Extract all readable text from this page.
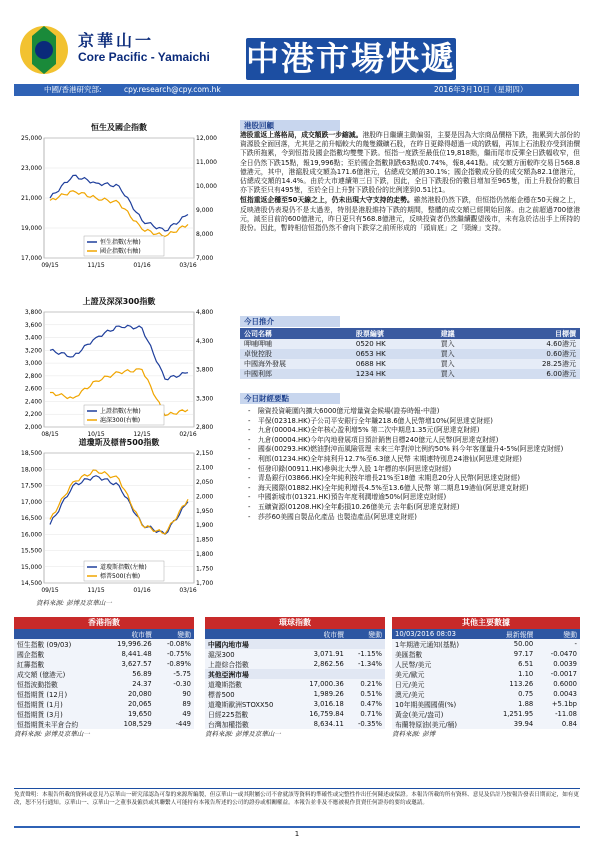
京華山一
Core Pacific - Yamaichi 中港市場快遞
中國/香港研究部:	cpy.research@cpy.com.hk	2016年3月10日（星期四）
恒生及國企指數
25,000
23,000
21,000
19,000
17,000
12,000
11,000
10,000
9,000
8,000
7,000
09/15	11/15	01/16	03/16
恒生指數(左軸)
國企指數(右軸)
上證及深深300指數
3,800
3,600
3,400
3,200
3,000
2,800
2,600
2,400
2,200
2,000
4,800
4,300
3,800
3,300
2,800
08/15	10/15	12/15	02/16
上證指數(左軸)
滬深300(右軸)
道瓊斯及標普500指數
18,500
18,000
17,500
17,000
16,500
16,000
15,500
15,000
14,500
2,150
2,100
2,050
2,000
1,950
1,900
1,850
1,800
1,750
1,700
09/15	11/15	01/16	03/16
道瓊斯指數(左軸)
標普500(右軸)
資料來源: 彭博及京華山一
港股回顧

港股重返上落格局，成交額跌一步縮減。港股昨日繼續主動偏弱，主要是因為大宗商品價格下跌，拖累到大部份的資源股全面回落，尤其是之前升幅較大的幾隻鐵礦石股，在昨日更錄得超過一成的跌幅，再加上石油股亦受到油價下跌所拖累，令到恒指及國企指數均雙雙下跌。恒指一度跌至最低位19,818點，繼而尾市反彈全日跌幅收窄，但全日仍然下跌15點，報19,996點；至於國企指數則跌63點或0.74%，報8,441點。成交額方面較昨交易日568.8億港元，其中，港滬股成交額為171.6億港元，佔總成交額的30.1%；國企指數成分股的成交額為82.1億港元，佔總成交額的14.4%。由於大市連續第三日下跌，因此，全日下跌股份的數目增加至965隻，而上升股份的數目亦下跌至只有495隻，至於全日上升對下跌股份的比例達到0.51比1。

恒指重返企穩至50天線之上，仍未出現大守支持的走勢。雖然港股仍然下跌，但恒指仍然能企穩在50天線之上，反映港股仍表現仍不是太過差，特別是港股維持下跌的期間，整體的成交額已經開始回落。由之前超過700億港元，減至目前的600億港元，昨日更只有568.8億港元，反映投資者仍然繼續觀望後市，未有急於沽出手上所持的股份。因此，暫時相信恒指仍然不會向下跌穿之前所形成的「頭肩底」之「頸線」支持。

今日推介
公司名稱	股票編號	建議	目標價
呷哺呷哺	0520 HK	買入	4.60港元
卓悅控股	0653 HK	買入	0.60港元
中國海外發展	0688 HK	買入	28.25港元
中國利郎	1234 HK	買入	6.00港元
今日財經要點
- 險資投資範圍內擴大6000億元增量資金候場(證券時報-中證)
- 平保(02318.HK)子公司平安銀行全年賺218.6億人民幣增10%(阿思達克財經)
- 九倉(00004.HK)全年核心盈利增5% 第二次中期息1.35元(阿思達克財經)
- 九倉(00004.HK)今年內地發展項目預計銷售目標240億元人民幣(阿思達克財經)
- 國泰(00293.HK)燃油對沖而風險管理 未來三年對沖比例約50% 料今年客運量升4-5%(阿思達克財經)
- 利郎(01234.HK)全年純利升12.7%至6.3億人民幣 末期連特別息24港仙(阿思達克財經)
- 恒發印錄(00911.HK)參與北大學入股 1年標的率(阿思達克財經)
- 青島銀行(03866.HK)全年純利按年增長21%至18億 末期息20分人民幣(阿思達克財經)
- 海天國際(01882.HK)全年純利增長4.5%至13.6億人民幣 第二期息19港仙(阿思達克財經)
- 中國新城市(01321.HK)預告年度利潤增逾50%(阿思達克財經)
- 五礦資源(01208.HK)全年虧損10.26億美元 去年虧(阿思達克財經)
- 莎莎60美國自製品化產品 也製造產品(阿思達克財經)
香港指數
	收市價	變動
恒生指數 (09/03)	19,996.26	-0.08%
國企指數	8,441.48	-0.75%
紅籌指數	3,627.57	-0.89%
成交額 (億港元)	56.89	-5.75
恒指波動指數	24.37	-0.30
恒指期貨 (12月)	20,080	90
恒指期貨 (1月)	20,065	89
恒指期貨 (3月)	19,650	49
恒指期貨未平倉合約	108,529	-449
資料來源: 彭博及京華山一
環球指數
	收市價	變動
中國內地市場		
滬深300	3,071.91	-1.15%
上證綜合指數	2,862.56	-1.34%
其他亞洲市場		
道瓊斯指數	17,000.36	0.21%
標普500	1,989.26	0.51%
道瓊斯歐洲STOXX50	3,016.18	0.47%
日經225指數	16,759.84	0.71%
台灣加權指數	8,634.11	-0.35%
資料來源: 彭博及京華山一
其他主要數據
10/03/2016 08:03	最新報價	變動
1年期港元通知(基點)	50.00	-
美匯指數	97.17	-0.0470
人民幣/美元	6.51	0.0039
美元/歐元	1.10	-0.0017
日元/美元	113.26	0.6000
澳元/美元	0.75	0.0043
10年期美國國債(%)	1.88	+5.1bp
黃金(美元/盎司)	1,251.95	-11.08
布蘭特原油(美元/桶)	39.94	0.84
資料來源: 彭博
免責聲明：本報告所載的資料或意見乃京華山一研究部認為可靠的來源所編製，但京華山一或其附屬公司不會就該等資料的準確性或完整性作出任何陳述或保證。本報告所載的所有資料、意見及估計乃按報告發表日期而定，如有更改，恕不另行通知。京華山一、京華山一之董事及僱員或其聯繫人可能持有本報告所述的公司的證券或相關權益。本報告並非及不應被視作買賣任何證券的要約或邀請。
1
